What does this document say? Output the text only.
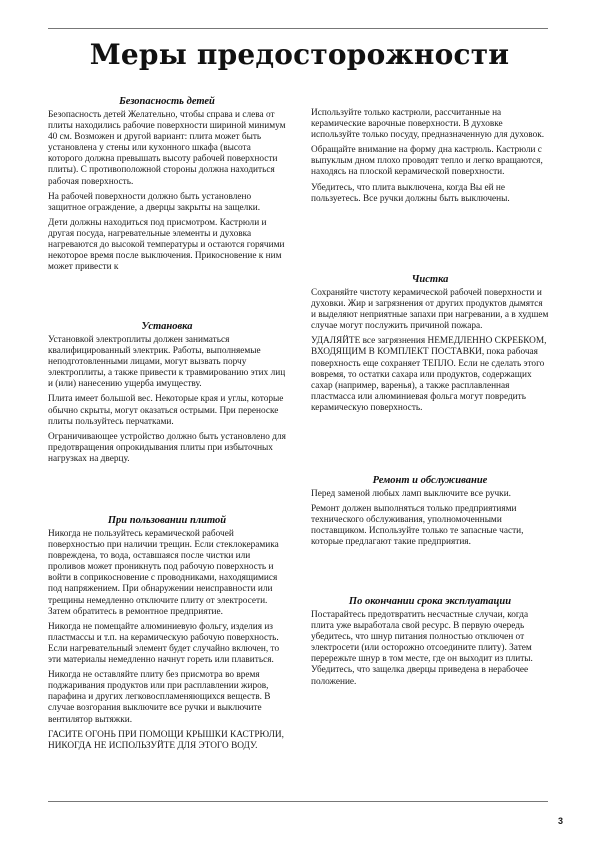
Меры предосторожности
Безопасность детей

Безопасность детей Желательно, чтобы справа и слева от плиты находились рабочие поверхности шириной минимум 40 см. Возможен и другой вариант: плита может быть установлена у стены или кухонного шкафа (высота которого должна превышать высоту рабочей поверхности плиты). С противоположной стороны должна находиться рабочая поверхность.

На рабочей поверхности должно быть установлено защитное ограждение, а дверцы закрыты на защелки.

Дети должны находиться под присмотром. Кастрюли и другая посуда, нагревательные элементы и духовка нагреваются до высокой температуры и остаются горячими некоторое время после выключения. Прикосновение к ним может привести к

Установка

Установкой электроплиты должен заниматься квалифицированный электрик. Работы, выполняемые неподготовленными лицами, могут вызвать порчу электроплиты, а также привести к травмированию этих лиц и (или) нанесению ущерба имуществу.

Плита имеет большой вес. Некоторые края и углы, которые обычно скрыты, могут оказаться острыми. При переноске плиты пользуйтесь перчатками.

Ограничивающее устройство должно быть установлено для предотвращения опрокидывания плиты при избыточных нагрузках на дверцу.

При пользовании плитой

Никогда не пользуйтесь керамической рабочей поверхностью при наличии трещин. Если стеклокерамика повреждена, то вода, оставшаяся после чистки или проливов может проникнуть под рабочую поверхность и войти в соприкосновение с проводниками, находящимися под напряжением. При обнаружении неисправности или трещины немедленно отключите плиту от электросети. Затем обратитесь в ремонтное предприятие.

Никогда не помещайте алюминиевую фольгу, изделия из пластмассы и т.п. на керамическую рабочую поверхность. Если нагревательный элемент будет случайно включен, то эти материалы немедленно начнут гореть или плавиться.

Никогда не оставляйте плиту без присмотра во время поджаривания продуктов или при расплавлении жиров, парафина и других легковоспламеняющихся веществ. В случае возгорания выключите все ручки и выключите вентилятор вытяжки.

ГАСИТЕ ОГОНЬ ПРИ ПОМОЩИ КРЫШКИ КАСТРЮЛИ, НИКОГДА НЕ ИСПОЛЬЗУЙТЕ ДЛЯ ЭТОГО ВОДУ.

Используйте только кастрюли, рассчитанные на керамические варочные поверхности. В духовке используйте только посуду, предназначенную для духовок.

Обращайте внимание на форму дна кастрюль. Кастрюли с выпуклым дном плохо проводят тепло и легко вращаются, находясь на плоской керамической поверхности.

Убедитесь, что плита выключена, когда Вы ей не пользуетесь. Все ручки должны быть выключены.

Чистка

Сохраняйте чистоту керамической рабочей поверхности и духовки. Жир и загрязнения от других продуктов дымятся и выделяют неприятные запахи при нагревании, а в худшем случае могут послужить причиной пожара.

УДАЛЯЙТЕ все загрязнения НЕМЕДЛЕННО СКРЕБКОМ, ВХОДЯЩИМ В КОМПЛЕКТ ПОСТАВКИ, пока рабочая поверхность еще сохраняет ТЕПЛО. Если не сделать этого вовремя, то остатки сахара или продуктов, содержащих сахар (например, варенья), а также расплавленная пластмасса или алюминиевая фольга могут повредить керамическую поверхность.

Ремонт и обслуживание

Перед заменой любых ламп выключите все ручки.

Ремонт должен выполняться только предприятиями технического обслуживания, уполномоченными поставщиком. Используйте только те запасные части, которые предлагают такие предприятия.

По окончании срока эксплуатации

Постарайтесь предотвратить несчастные случаи, когда плита уже выработала свой ресурс. В первую очередь убедитесь, что шнур питания полностью отключен от электросети (или осторожно отсоедините плиту). Затем перережьте шнур в том месте, где он выходит из плиты. Убедитесь, что защелка дверцы приведена в нерабочее положение.

3
